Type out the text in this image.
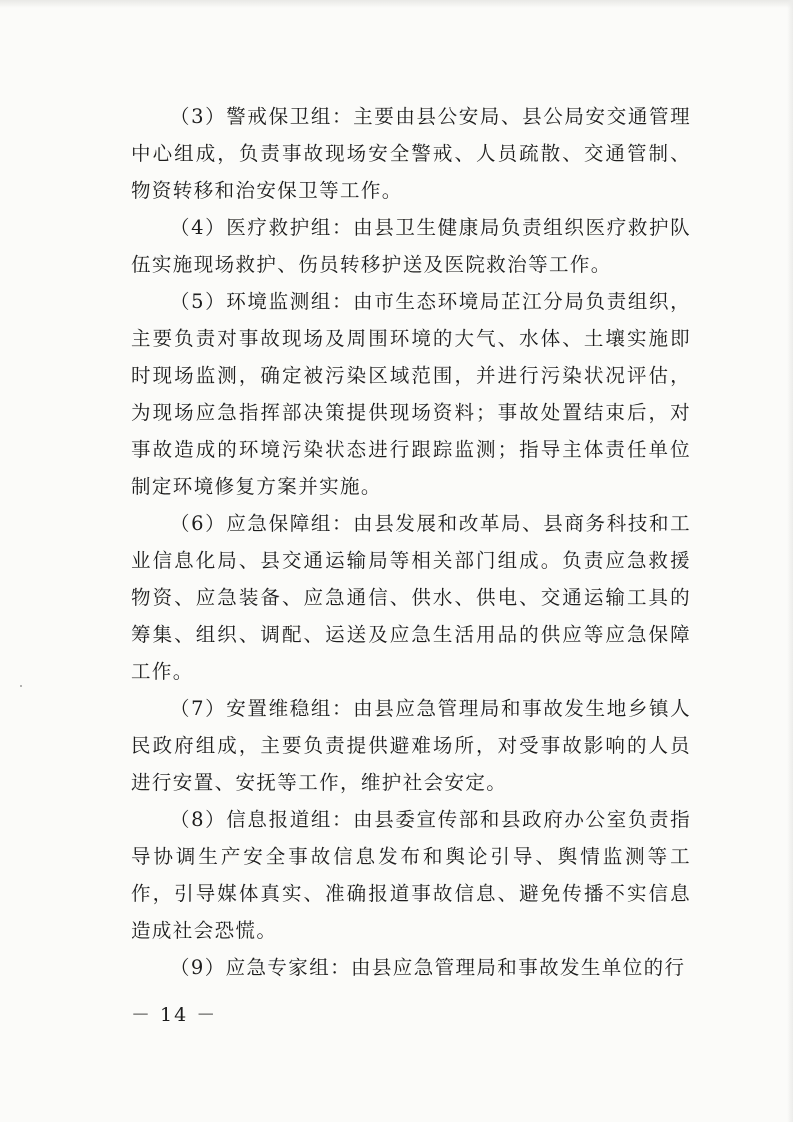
（3）警戒保卫组：主要由县公安局、县公局安交通管理中心组成，负责事故现场安全警戒、人员疏散、交通管制、物资转移和治安保卫等工作。

（4）医疗救护组：由县卫生健康局负责组织医疗救护队伍实施现场救护、伤员转移护送及医院救治等工作。

（5）环境监测组：由市生态环境局芷江分局负责组织，主要负责对事故现场及周围环境的大气、水体、土壤实施即时现场监测，确定被污染区域范围，并进行污染状况评估，为现场应急指挥部决策提供现场资料；事故处置结束后，对事故造成的环境污染状态进行跟踪监测；指导主体责任单位制定环境修复方案并实施。

（6）应急保障组：由县发展和改革局、县商务科技和工业信息化局、县交通运输局等相关部门组成。负责应急救援物资、应急装备、应急通信、供水、供电、交通运输工具的筹集、组织、调配、运送及应急生活用品的供应等应急保障工作。

（7）安置维稳组：由县应急管理局和事故发生地乡镇人民政府组成，主要负责提供避难场所，对受事故影响的人员进行安置、安抚等工作，维护社会安定。

（8）信息报道组：由县委宣传部和县政府办公室负责指导协调生产安全事故信息发布和舆论引导、舆情监测等工作，引导媒体真实、准确报道事故信息、避免传播不实信息造成社会恐慌。

（9）应急专家组：由县应急管理局和事故发生单位的行

－ 14 －
